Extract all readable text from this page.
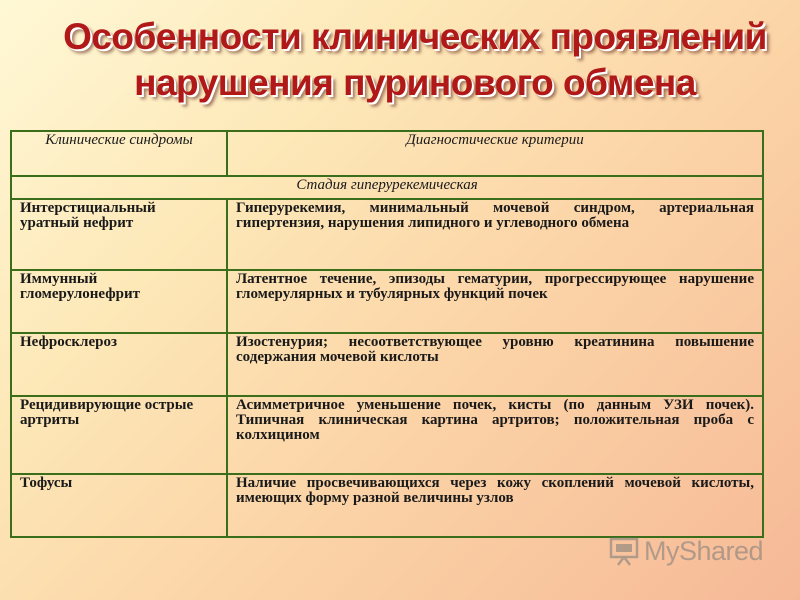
Особенности клинических проявлений
нарушения пуринового обмена
Клинические синдромы	Диагностические критерии
Стадия гиперурекемическая	
Интерстициальный уратный нефрит	Гиперурекемия, минимальный мочевой синдром, артериальная гипертензия, нарушения липидного и углеводного обмена
Иммунный гломерулонефрит	Латентное течение, эпизоды гематурии, прогрессирующее нарушение гломерулярных и тубулярных функций почек
Нефросклероз	Изостенурия; несоответствующее уровню креатинина повышение содержания мочевой кислоты
Рецидивирующие острые артриты	Асимметричное уменьшение почек, кисты (по данным УЗИ почек). Типичная клиническая картина артритов; положительная проба с колхицином
Тофусы	Наличие просвечивающихся через кожу скоплений мочевой кислоты, имеющих форму разной величины узлов
MyShared
